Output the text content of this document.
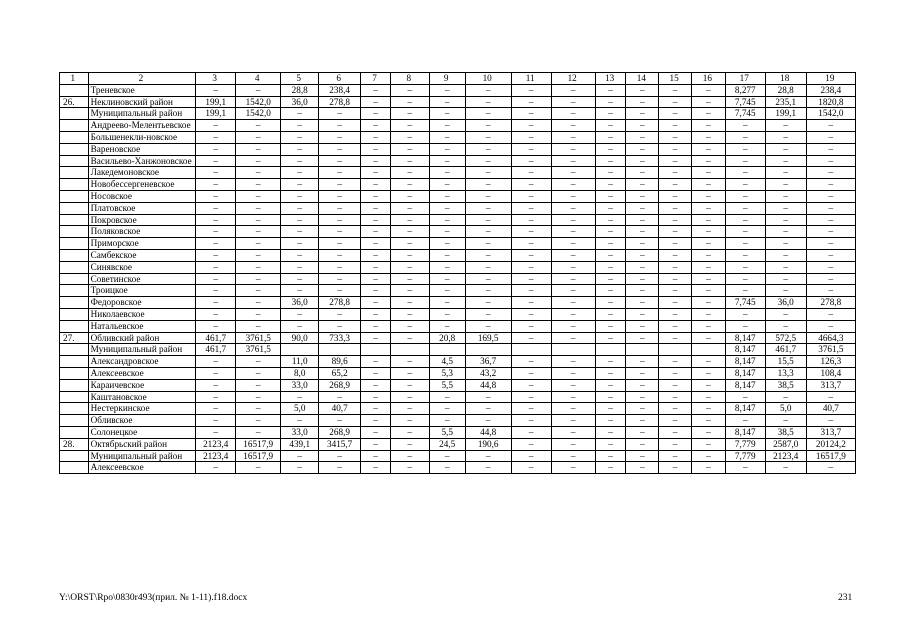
1	2	3	4	5	6	7	8	9	10	11	12	13	14	15	16	17	18	19
	Треневское	–	–	28,8	238,4	–	–	–	–	–	–	–	–	–	–	8,277	28,8	238,4
26.	Неклиновский район	199,1	1542,0	36,0	278,8	–	–	–	–	–	–	–	–	–	–	7,745	235,1	1820,8
	Муниципальный район	199,1	1542,0	–	–	–	–	–	–	–	–	–	–	–	–	7,745	199,1	1542,0
	Андреево-Мелентьевское	–	–	–	–	–	–	–	–	–	–	–	–	–	–	–	–	–
	Большенекли-новское	–	–	–	–	–	–	–	–	–	–	–	–	–	–	–	–	–
	Вареновское	–	–	–	–	–	–	–	–	–	–	–	–	–	–	–	–	–
	Васильево-Ханжоновское	–	–	–	–	–	–	–	–	–	–	–	–	–	–	–	–	–
	Лакедемоновское	–	–	–	–	–	–	–	–	–	–	–	–	–	–	–	–	–
	Новобессергеневское	–	–	–	–	–	–	–	–	–	–	–	–	–	–	–	–	–
	Носовское	–	–	–	–	–	–	–	–	–	–	–	–	–	–	–	–	–
	Платовское	–	–	–	–	–	–	–	–	–	–	–	–	–	–	–	–	–
	Покровское	–	–	–	–	–	–	–	–	–	–	–	–	–	–	–	–	–
	Поляковское	–	–	–	–	–	–	–	–	–	–	–	–	–	–	–	–	–
	Приморское	–	–	–	–	–	–	–	–	–	–	–	–	–	–	–	–	–
	Самбекское	–	–	–	–	–	–	–	–	–	–	–	–	–	–	–	–	–
	Синявское	–	–	–	–	–	–	–	–	–	–	–	–	–	–	–	–	–
	Советинское	–	–	–	–	–	–	–	–	–	–	–	–	–	–	–	–	–
	Троицкое	–	–	–	–	–	–	–	–	–	–	–	–	–	–	–	–	–
	Федоровское	–	–	36,0	278,8	–	–	–	–	–	–	–	–	–	–	7,745	36,0	278,8
	Николаевское	–	–	–	–	–	–	–	–	–	–	–	–	–	–	–	–	–
	Натальевское	–	–	–	–	–	–	–	–	–	–	–	–	–	–	–	–	–
27.	Обливский район	461,7	3761,5	90,0	733,3	–	–	20,8	169,5	–	–	–	–	–	–	8,147	572,5	4664,3
	Муниципальный район	461,7	3761,5													8,147	461,7	3761,5
	Александровское	–	–	11,0	89,6	–	–	4,5	36,7	–	–	–	–	–	–	8,147	15,5	126,3
	Алексеевское	–	–	8,0	65,2	–	–	5,3	43,2	–	–	–	–	–	–	8,147	13,3	108,4
	Караичевское	–	–	33,0	268,9	–	–	5,5	44,8	–	–	–	–	–	–	8,147	38,5	313,7
	Каштановское	–	–	–	–	–	–	–	–	–	–	–	–	–	–	–	–	–
	Нестеркинское	–	–	5,0	40,7	–	–	–	–	–	–	–	–	–	–	8,147	5,0	40,7
	Обливское	–	–	–	–	–	–	–	–	–	–	–	–	–	–	–	–	–
	Солонецкое	–	–	33,0	268,9	–	–	5,5	44,8	–	–	–	–	–	–	8,147	38,5	313,7
28.	Октябрьский район	2123,4	16517,9	439,1	3415,7	–	–	24,5	190,6	–	–	–	–	–	–	7,779	2587,0	20124,2
	Муниципальный район	2123,4	16517,9	–	–	–	–	–	–	–	–	–	–	–	–	7,779	2123,4	16517,9
	Алексеевское	–	–	–	–	–	–	–	–	–	–	–	–	–	–	–	–	–
Y:\ORST\Rpo\0830r493(прил. № 1-11).f18.docx	231
